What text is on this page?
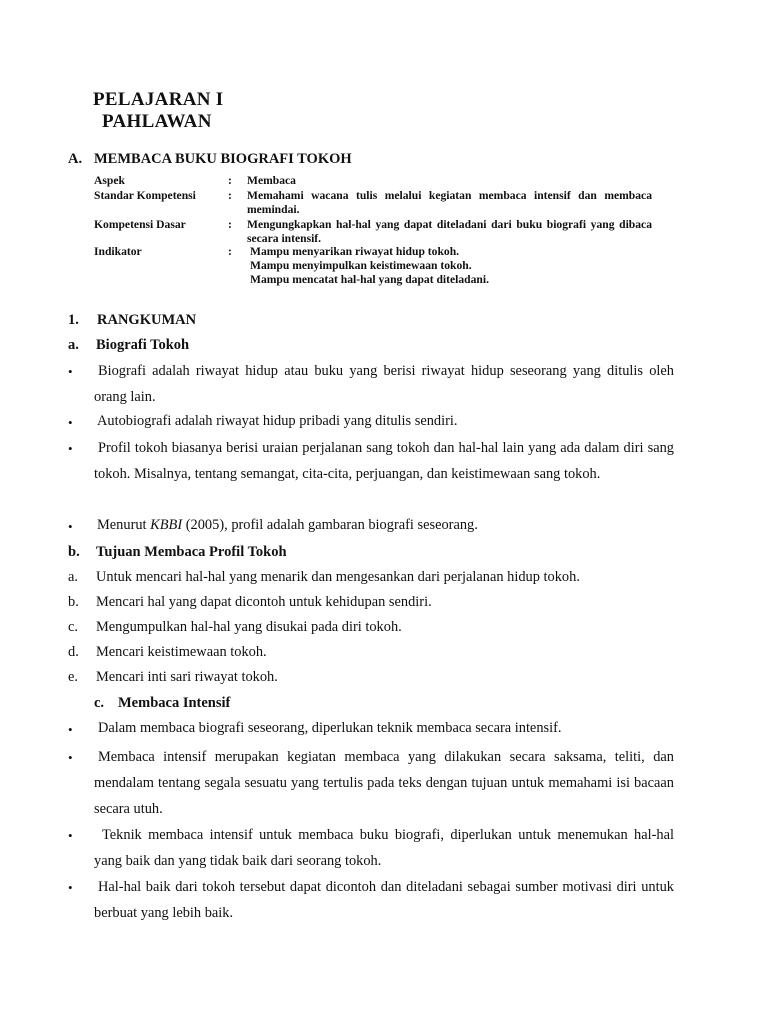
PELAJARAN I
PAHLAWAN
A. MEMBACA BUKU BIOGRAFI TOKOH
Aspek	: Membaca
Standar Kompetensi	: Memahami wacana tulis melalui kegiatan membaca intensif dan membaca memindai.
Kompetensi Dasar	: Mengungkapkan hal-hal yang dapat diteladani dari buku biografi yang dibaca secara intensif.
Indikator	: Mampu menyarikan riwayat hidup tokoh.
Mampu menyimpulkan keistimewaan tokoh.
Mampu mencatat hal-hal yang dapat diteladani.
1. RANGKUMAN
a. Biografi Tokoh
• Biografi adalah riwayat hidup atau buku yang berisi riwayat hidup seseorang yang ditulis oleh orang lain.
• Autobiografi adalah riwayat hidup pribadi yang ditulis sendiri.
• Profil tokoh biasanya berisi uraian perjalanan sang tokoh dan hal-hal lain yang ada dalam diri sang tokoh. Misalnya, tentang semangat, cita-cita, perjuangan, dan keistimewaan sang tokoh.
• Menurut KBBI (2005), profil adalah gambaran biografi seseorang.
b. Tujuan Membaca Profil Tokoh
a. Untuk mencari hal-hal yang menarik dan mengesankan dari perjalanan hidup tokoh.
b. Mencari hal yang dapat dicontoh untuk kehidupan sendiri.
c. Mengumpulkan hal-hal yang disukai pada diri tokoh.
d. Mencari keistimewaan tokoh.
e. Mencari inti sari riwayat tokoh.
c. Membaca Intensif
• Dalam membaca biografi seseorang, diperlukan teknik membaca secara intensif.
• Membaca intensif merupakan kegiatan membaca yang dilakukan secara saksama, teliti, dan mendalam tentang segala sesuatu yang tertulis pada teks dengan tujuan untuk memahami isi bacaan secara utuh.
•	Teknik membaca intensif untuk membaca buku biografi, diperlukan untuk menemukan hal-hal yang baik dan yang tidak baik dari seorang tokoh.
• Hal-hal baik dari tokoh tersebut dapat dicontoh dan diteladani sebagai sumber motivasi diri untuk berbuat yang lebih baik.
